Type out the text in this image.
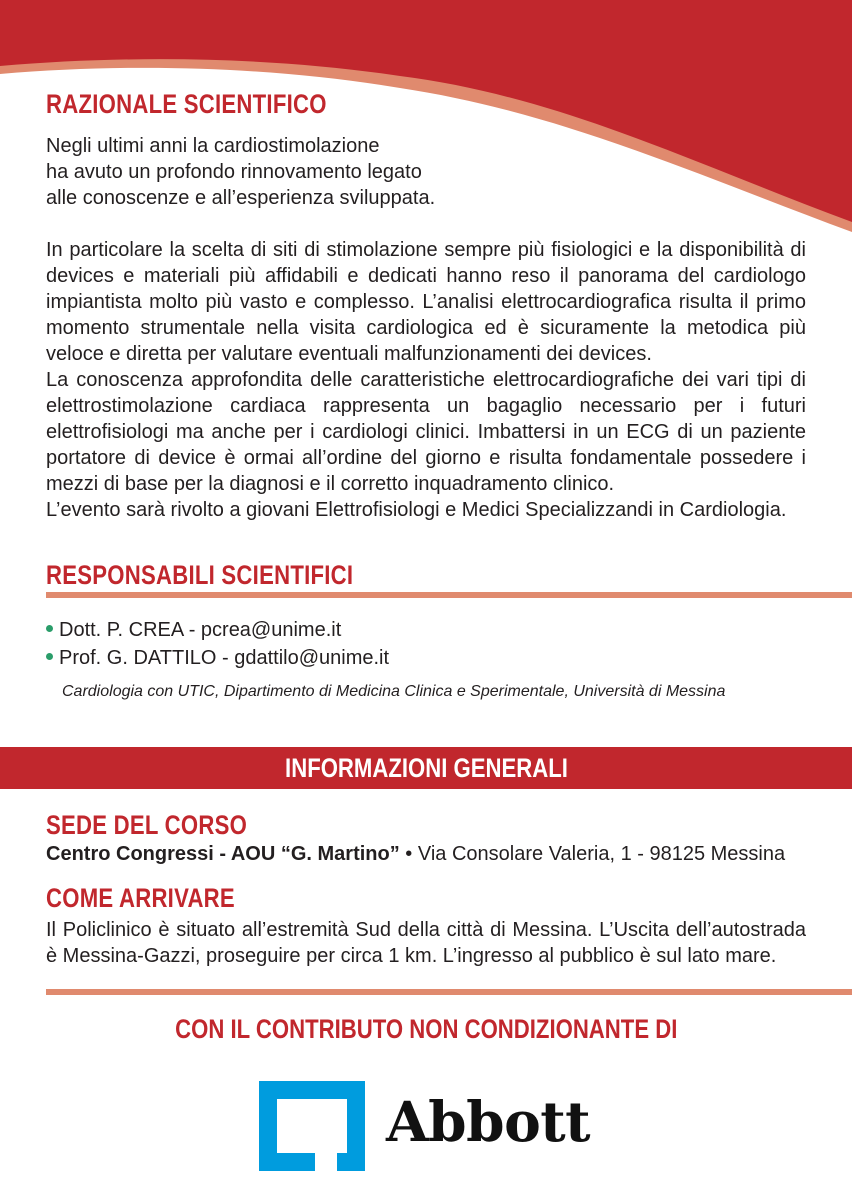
RAZIONALE SCIENTIFICO
Negli ultimi anni la cardiostimolazione
ha avuto un profondo rinnovamento legato
alle conoscenze e all’esperienza sviluppata.

In particolare la scelta di siti di stimolazione sempre più fisiologici e la disponibilità di devices e materiali più affidabili e dedicati hanno reso il panorama del cardiologo impiantista molto più vasto e complesso. L’analisi elettrocardiografica risulta il primo momento strumentale nella visita cardiologica ed è sicuramente la metodica più veloce e diretta per valutare eventuali malfunzionamenti dei devices.

La conoscenza approfondita delle caratteristiche elettrocardiografiche dei vari tipi di elettrostimolazione cardiaca rappresenta un bagaglio necessario per i futuri elettrofisiologi ma anche per i cardiologi clinici. Imbattersi in un ECG di un paziente portatore di device è ormai all’ordine del giorno e risulta fondamentale possedere i mezzi di base per la diagnosi e il corretto inquadramento clinico.

L’evento sarà rivolto a giovani Elettrofisiologi e Medici Specializzandi in Cardiologia.

RESPONSABILI SCIENTIFICI
Dott. P. CREA - pcrea@unime.it
Prof. G. DATTILO - gdattilo@unime.it

Cardiologia con UTIC, Dipartimento di Medicina Clinica e Sperimentale, Università di Messina

INFORMAZIONI GENERALI
SEDE DEL CORSO

Centro Congressi - AOU “G. Martino” • Via Consolare Valeria, 1 - 98125 Messina

COME ARRIVARE

Il Policlinico è situato all’estremità Sud della città di Messina. L’Uscita dell’autostrada è Messina-Gazzi, proseguire per circa 1 km. L’ingresso al pubblico è sul lato mare.

CON IL CONTRIBUTO NON CONDIZIONANTE DI

Abbott
